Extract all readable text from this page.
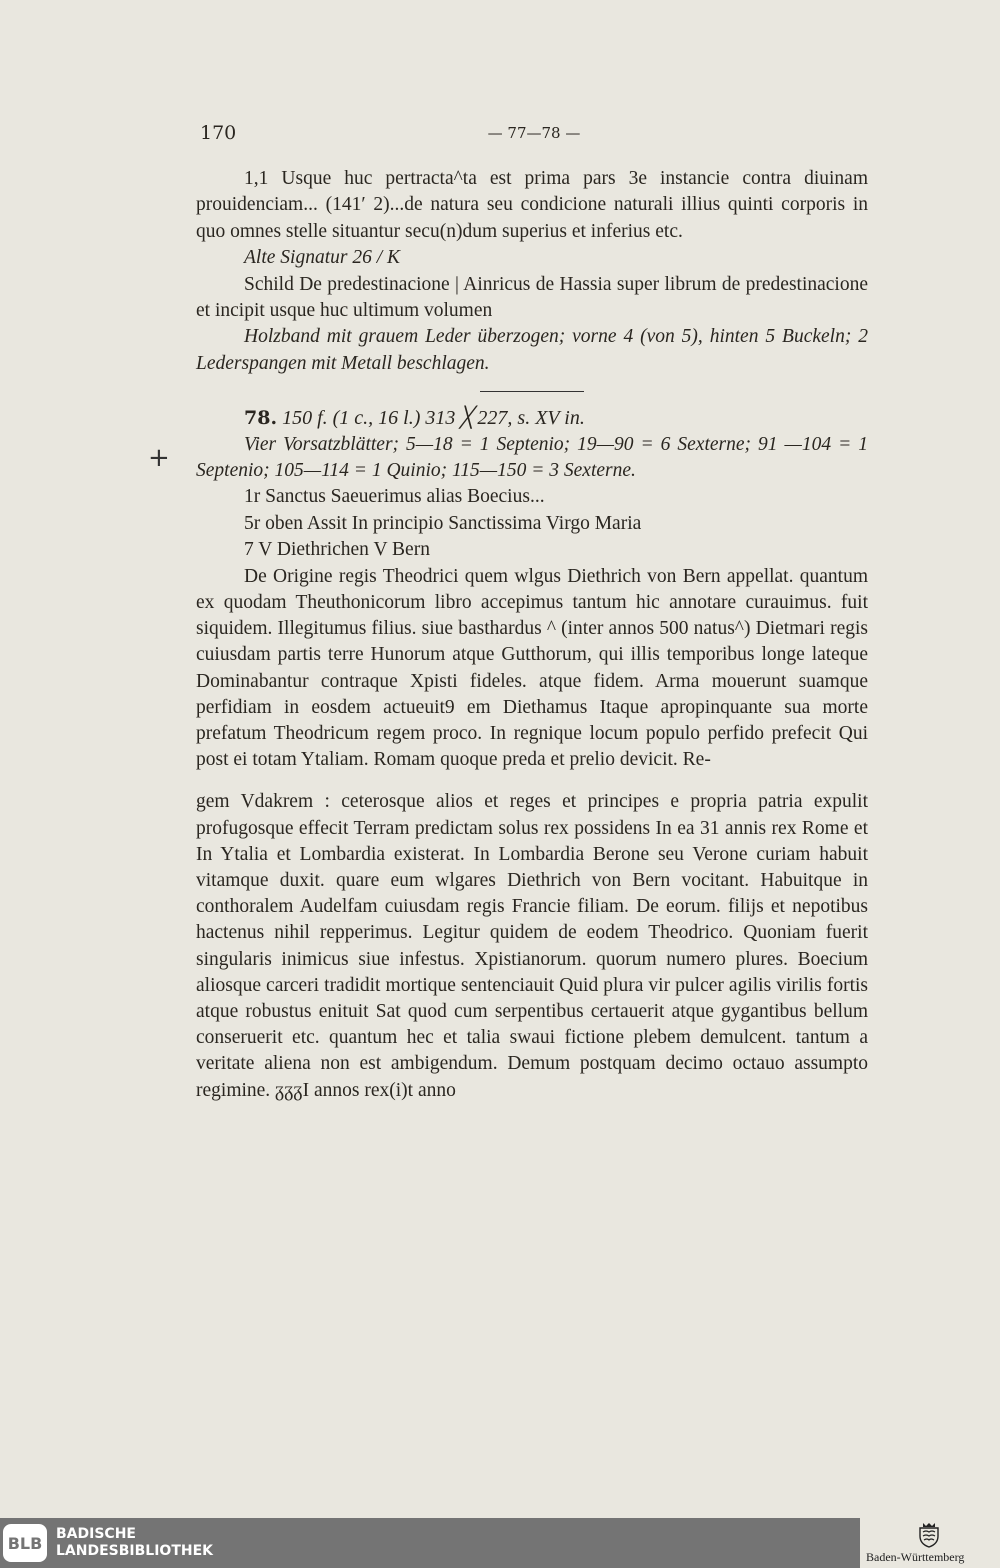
170	— 77—78 —
+

1,1 Usque huc pertracta^ta est prima pars 3e instancie contra diuinam prouidenciam... (141′ 2)...de natura seu condicione naturali illius quinti corporis in quo omnes stelle situantur secu(n)dum superius et inferius etc.

Alte Signatur 26 / K

Schild De predestinacione | Ainricus de Hassia super librum de predestinacione et incipit usque huc ultimum volumen

Holzband mit grauem Leder überzogen; vorne 4 (von 5), hinten 5 Buckeln; 2 Lederspangen mit Metall beschlagen.

78. 150 f. (1 c., 16 l.) 313 ╳ 227, s. XV in.

Vier Vorsatzblätter; 5—18 = 1 Septenio; 19—90 = 6 Sexterne; 91 —104 = 1 Septenio; 105—114 = 1 Quinio; 115—150 = 3 Sexterne.

1r Sanctus Saeuerimus alias Boecius...

5r oben Assit In principio Sanctissima Virgo Maria

7 V Diethrichen V Bern

De Origine regis Theodrici quem wlgus Diethrich von Bern appellat. quantum ex quodam Theuthonicorum libro accepimus tantum hic annotare curauimus. fuit siquidem. Illegitumus filius. siue basthardus ^ (inter annos 500 natus^) Dietmari regis cuiusdam partis terre Hunorum atque Gutthorum, qui illis temporibus longe lateque Dominabantur contraque Xpisti fideles. atque fidem. Arma mouerunt suamque perfidiam in eosdem actueuit9 em Diethamus Itaque apropinquante sua morte prefatum Theodricum regem proco. In regnique locum populo perfido prefecit Qui post ei totam Ytaliam. Romam quoque preda et prelio devicit. Re-

gem Vdakrem : ceterosque alios et reges et principes e propria patria expulit profugosque effecit Terram predictam solus rex possidens In ea 31 annis rex Rome et In Ytalia et Lombardia existerat. In Lombardia Berone seu Verone curiam habuit vitamque duxit. quare eum wlgares Diethrich von Bern vocitant. Habuitque in conthoralem Audelfam cuiusdam regis Francie filiam. De eorum. filijs et nepotibus hactenus nihil repperimus. Legitur quidem de eodem Theodrico. Quoniam fuerit singularis inimicus siue infestus. Xpistianorum. quorum numero plures. Boecium aliosque carceri tradidit mortique sentenciauit Quid plura vir pulcer agilis virilis fortis atque robustus enituit Sat quod cum serpentibus certauerit atque gygantibus bellum conseruerit etc. quantum hec et talia swaui fictione plebem demulcent. tantum a veritate aliena non est ambigendum. Demum postquam decimo octauo assumpto regimine. ᵹᵹᵹI annos rex(i)t anno

BLB BADISCHE
LANDESBIBLIOTHEK	Baden-Württemberg
